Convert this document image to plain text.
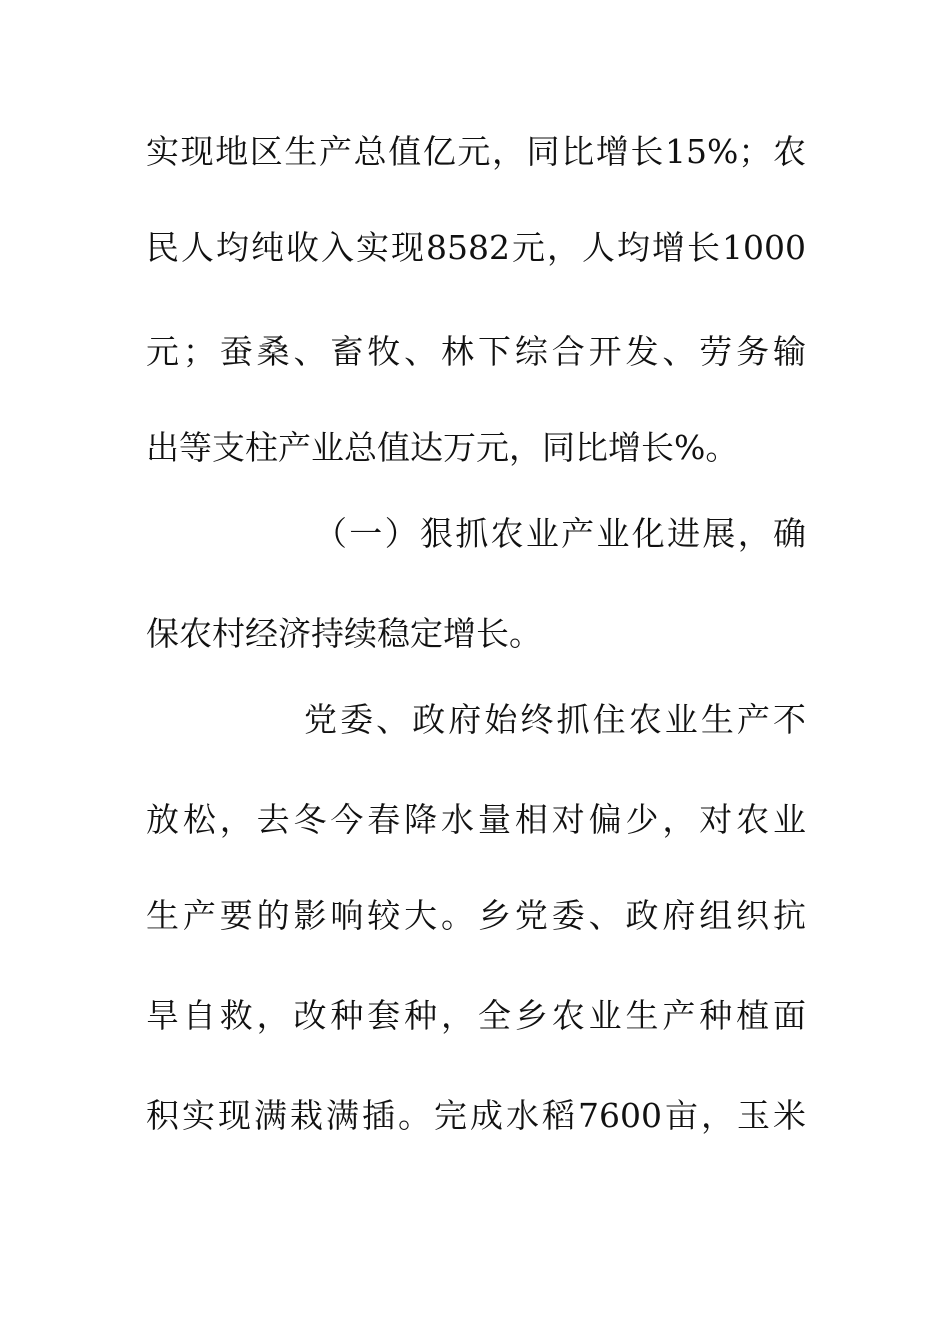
实现地区生产总值亿元，同比增长15%；农
民人均纯收入实现8582元，人均增长1000
元；蚕桑、畜牧、林下综合开发、劳务输
出等支柱产业总值达万元，同比增长%。
（一）狠抓农业产业化进展，确
保农村经济持续稳定增长。
党委、政府始终抓住农业生产不
放松，去冬今春降水量相对偏少，对农业
生产要的影响较大。乡党委、政府组织抗
旱自救，改种套种，全乡农业生产种植面
积实现满栽满插。完成水稻7600亩，玉米
